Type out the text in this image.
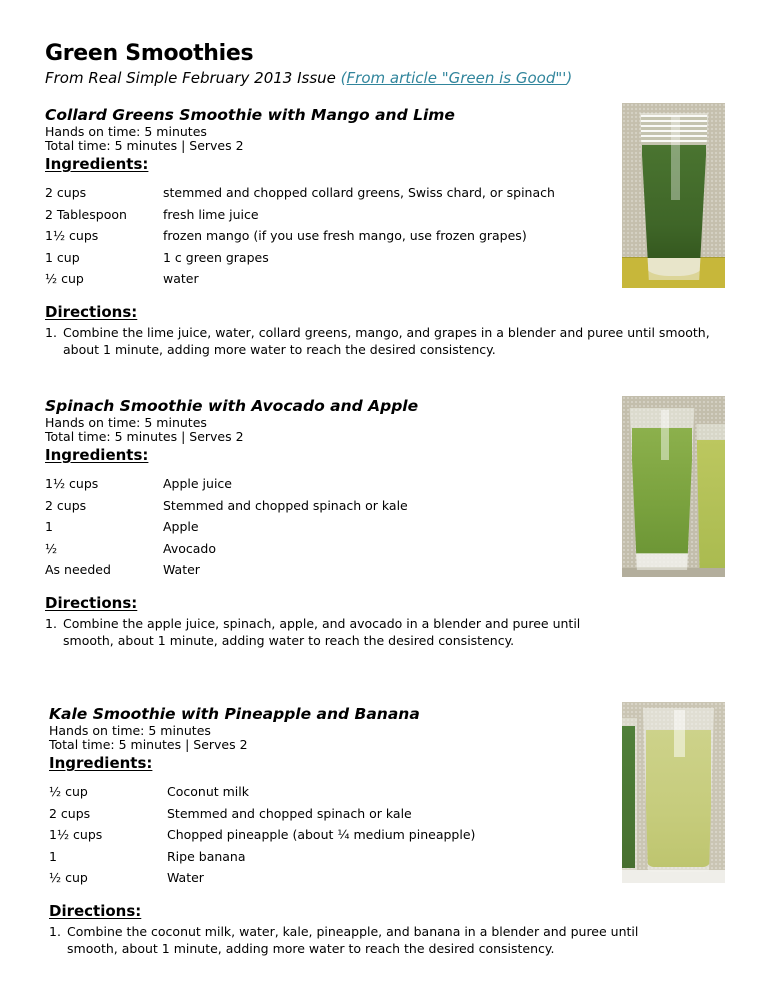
Green Smoothies

From Real Simple February 2013 Issue (From article "Green is Good"')

Collard Greens Smoothie with Mango and Lime
Hands on time: 5 minutes
Total time: 5 minutes | Serves 2
Ingredients:
2 cups	stemmed and chopped collard greens, Swiss chard, or spinach
2 Tablespoon	fresh lime juice
1½ cups	frozen mango (if you use fresh mango, use frozen grapes)
1 cup	1 c green grapes
½ cup	water
Directions:
1. Combine the lime juice, water, collard greens, mango, and grapes in a blender and puree until smooth, about 1 minute, adding more water to reach the desired consistency.
Spinach Smoothie with Avocado and Apple
Hands on time: 5 minutes
Total time: 5 minutes | Serves 2
Ingredients:
1½ cups	Apple juice
2 cups	Stemmed and chopped spinach or kale
1	Apple
½	Avocado
As needed	Water
Directions:
1. Combine the apple juice, spinach, apple, and avocado in a blender and puree until smooth, about 1 minute, adding water to reach the desired consistency.
Kale Smoothie with Pineapple and Banana
Hands on time: 5 minutes
Total time: 5 minutes | Serves 2
Ingredients:
½ cup	Coconut milk
2 cups	Stemmed and chopped spinach or kale
1½ cups	Chopped pineapple (about ¼ medium pineapple)
1	Ripe banana
½ cup	Water
Directions:
1. Combine the coconut milk, water, kale, pineapple, and banana in a blender and puree until smooth, about 1 minute, adding more water to reach the desired consistency.
